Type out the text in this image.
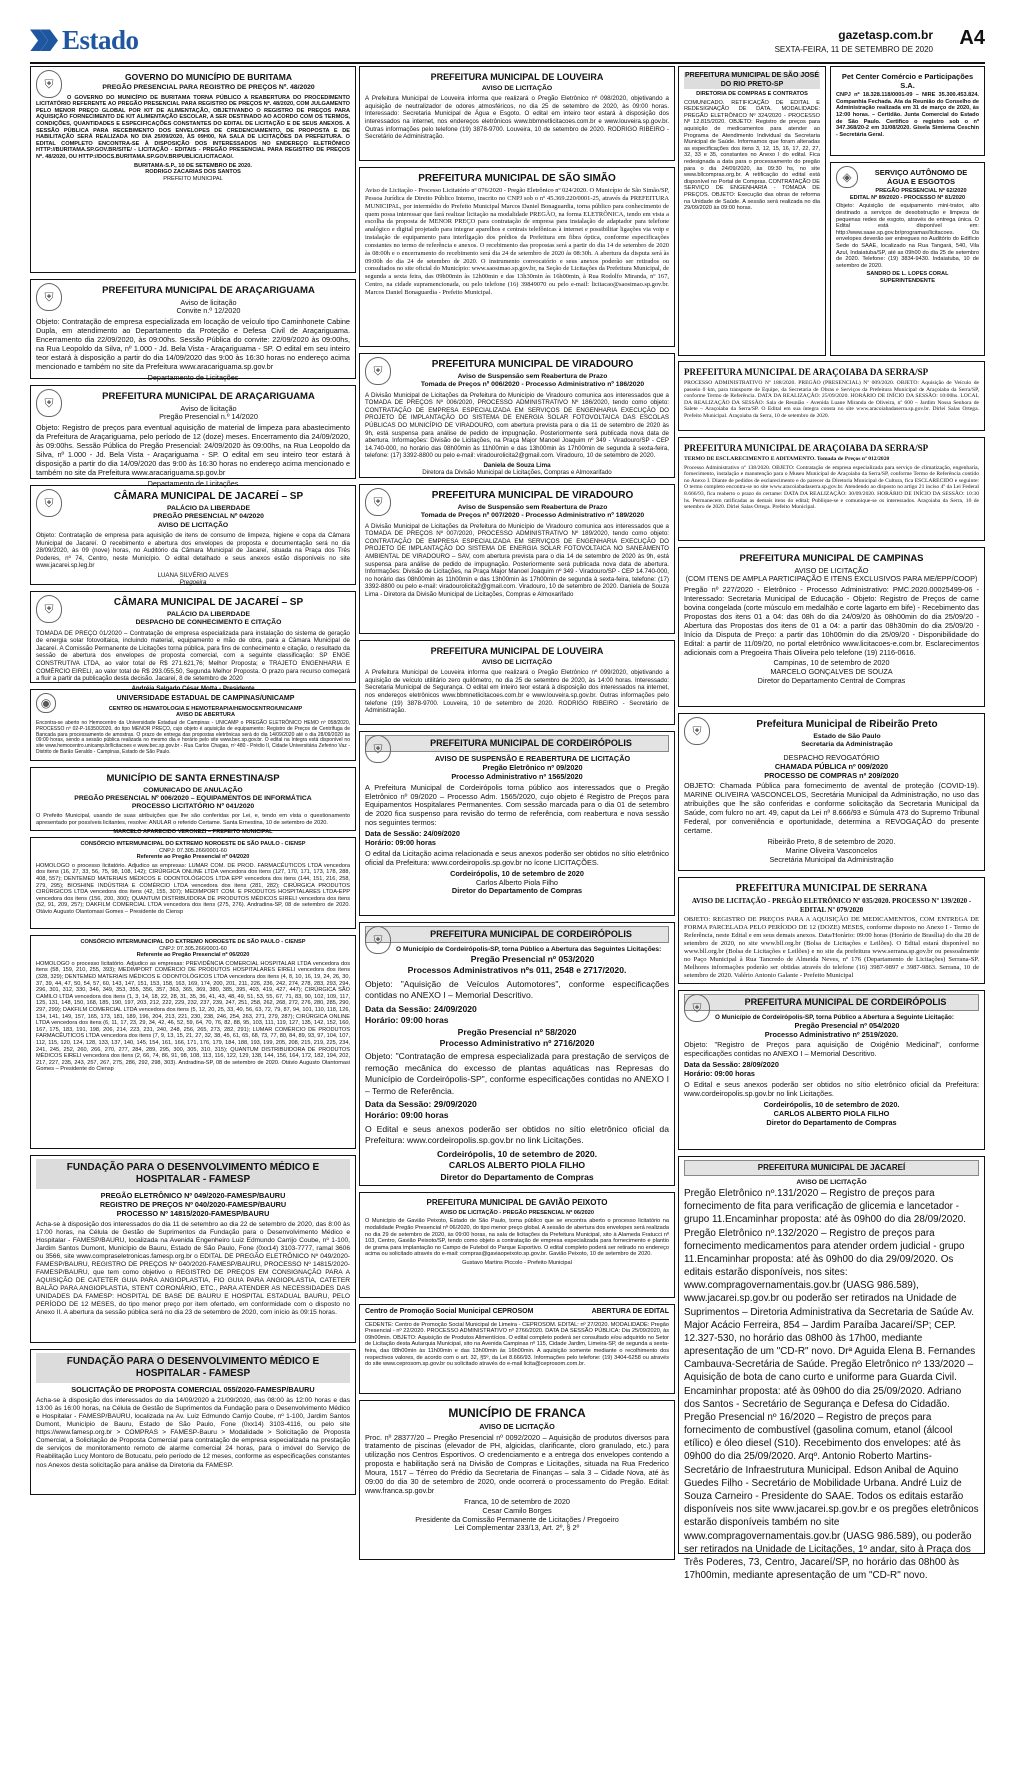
Estado	gazetasp.com.br
SEXTA-FEIRA, 11 DE SETEMBRO DE 2020
A4
⛨	GOVERNO DO MUNICÍPIO DE BURITAMA
PREGÃO PRESENCIAL PARA REGISTRO DE PREÇOS Nº. 48/2020
O GOVERNO DO MUNICÍPIO DE BURITAMA TORNA PÚBLICO A REABERTURA DO PROCEDIMENTO LICITATÓRIO REFERENTE AO PREGÃO PRESENCIAL PARA REGISTRO DE PREÇOS Nº. 48/2020, COM JULGAMENTO PELO MENOR PREÇO GLOBAL POR KIT DE ALIMENTAÇÃO, OBJETIVANDO O REGISTRO DE PREÇOS PARA AQUISIÇÃO FORNECIMENTO DE KIT ALIMENTAÇÃO ESCOLAR, A SER DESTINADO AO ACORDO COM OS TERMOS, CONDIÇÕES, QUANTIDADES E ESPECIFICAÇÕES CONSTANTES DO EDITAL DE LICITAÇÃO E DE SEUS ANEXOS. A SESSÃO PÚBLICA PARA RECEBIMENTO DOS ENVELOPES DE CREDENCIAMENTO, DE PROPOSTA E DE HABILITAÇÃO SERÁ REALIZADA NO DIA 25/09/2020, ÀS 09H00, NA SALA DE LICITAÇÕES DA PREFEITURA. O EDITAL COMPLETO ENCONTRA-SE À DISPOSIÇÃO DOS INTERESSADOS NO ENDEREÇO ELETRÔNICO HTTP://BURITAMA.SP.GOV.BR/SITE/ - LICITAÇÃO - EDITAIS - PREGÃO PRESENCIAL PARA REGISTRO DE PREÇOS Nº. 48/2020, OU HTTP://DOCS.BURITAMA.SP.GOV.BR/PUBLIC/LICITACAO/.
BURITAMA-S.P., 10 DE SETEMBRO DE 2020.
RODRIGO ZACARIAS DOS SANTOS
PREFEITO MUNICIPAL
⛨	PREFEITURA MUNICIPAL DE ARAÇARIGUAMA
Aviso de licitação
Convite n.º 12/2020
Objeto: Contratação de empresa especializada em locação de veículo tipo Caminhonete Cabine Dupla, em atendimento ao Departamento da Proteção e Defesa Civil de Araçariguama. Encerramento dia 22/09/2020, às 09:00hs. Sessão Pública do convite: 22/09/2020 às 09:00hs, na Rua Leopoldo da Silva, nº 1.000 - Jd. Bela Vista - Araçariguama - SP. O edital em seu inteiro teor estará à disposição a partir do dia 14/09/2020 das 9:00 às 16:30 horas no endereço acima mencionado e também no site da Prefeitura www.aracariguama.sp.gov.br
Departamento de Licitações
⛨	PREFEITURA MUNICIPAL DE ARAÇARIGUAMA
Aviso de licitação
Pregão Presencial n.º 14/2020
Objeto: Registro de preços para eventual aquisição de material de limpeza para abastecimento da Prefeitura de Araçariguama, pelo período de 12 (doze) meses. Encerramento dia 24/09/2020, às 09:00hs. Sessão Pública do Pregão Presencial: 24/09/2020 às 09:00hs, na Rua Leopoldo da Silva, nº 1.000 - Jd. Bela Vista - Araçariguama - SP. O edital em seu inteiro teor estará à disposição a partir do dia 14/09/2020 das 9:00 às 16:30 horas no endereço acima mencionado e também no site da Prefeitura www.aracariguama.sp.gov.br
Departamento de Licitações
⛨	CÂMARA MUNICIPAL DE JACAREÍ – SP
PALÁCIO DA LIBERDADE
PREGÃO PRESENCIAL Nº 04/2020
AVISO DE LICITAÇÃO
Objeto: Contratação de empresa para aquisição de itens de consumo de limpeza, higiene e copa da Câmara Municipal de Jacareí. O recebimento e abertura dos envelopes de proposta e documentação será no dia 28/09/2020, às 09 (nove) horas, no Auditório da Câmara Municipal de Jacareí, situada na Praça dos Três Poderes, nº 74, Centro, neste Município. O edital detalhado e seus anexos estão disponíveis no site www.jacarei.sp.leg.br
LUANA SILVÉRIO ALVES
Pregoeira
⛨	CÂMARA MUNICIPAL DE JACAREÍ – SP
PALÁCIO DA LIBERDADE
DESPACHO DE CONHECIMENTO E CITAÇÃO
TOMADA DE PREÇO 01/2020 – Contratação de empresa especializada para instalação do sistema de geração de energia solar fotovoltaica, incluindo material, equipamento e mão de obra, para a Câmara Municipal de Jacareí. A Comissão Permanente de Licitações torna pública, para fins de conhecimento e citação, o resultado da sessão de abertura dos envelopes de proposta comercial, com a seguinte classificação: SP ENGE CONSTRUTIVA LTDA, ao valor total de R$ 271.621,76; Melhor Proposta; e TRAJETO ENGENHARIA E COMÉRCIO EIRELI, ao valor total de R$ 293.055,50, Segunda Melhor Proposta. O prazo para recurso começará a fluir a partir da publicação desta decisão. Jacareí, 8 de setembro de 2020
Andréia Salgado César Motta - Presidente
◉	UNIVERSIDADE ESTADUAL DE CAMPINAS/UNICAMP
CENTRO DE HEMATOLOGIA E HEMOTERAPIA/HEMOCENTRO/UNICAMP
AVISO DE ABERTURA
Encontra-se aberto no Hemocentro da Universidade Estadual de Campinas - UNICAMP o PREGÃO ELETRÔNICO HEMO nº 058/2020, PROCESSO nº 02-P-16350/2020, do tipo MENOR PREÇO, cujo objeto é aquisição de equipamento: Registro de Preços de Centrífuga de Bancada para processamento de amostras. O prazo de entrega das propostas eletrônicas será do dia 14/09/2020 até o dia 28/09/2020 às 09:00 horas, sendo a sessão pública realizada no mesmo dia e horário pelo site www.bec.sp.gov.br. O edital na íntegra está disponível no site www.hemocentro.unicamp.br/licitacoes e www.bec.sp.gov.br - Rua Carlos Chagas, nº 480 - Prédio II, Cidade Universitária Zeferino Vaz - Distrito de Barão Geraldo - Campinas, Estado de São Paulo.
MUNICÍPIO DE SANTA ERNESTINA/SP
COMUNICADO DE ANULAÇÃO
PREGÃO PRESENCIAL Nº 006/2020 – EQUIPAMENTOS DE INFORMÁTICA
PROCESSO LICITATÓRIO Nº 041/2020
O Prefeito Municipal, usando de suas atribuições que lhe são conferidas por Lei, e, tendo em vista o questionamento apresentado por possíveis licitantes, resolve: ANULAR o referido Certame. Santa Ernestina, 10 de setembro de 2020.
MARCELO APARECIDO VERONEZI – PREFEITO MUNICIPAL
CONSÓRCIO INTERMUNICIPAL DO EXTREMO NOROESTE DE SÃO PAULO - CIENSP
CNPJ: 07.305.266/0001-60
Referente ao Pregão Presencial nº 04/2020
HOMOLOGO o processo licitatório. Adjudico as empresas: LUMAR COM. DE PROD. FARMACÊUTICOS LTDA vencedora dos itens (16, 27, 33, 56, 75, 98, 108, 142); CIRÚRGICA ONLINE LTDA vencedora dos itens (127, 170, 171, 173, 178, 288, 408, 557); DENTEMED MATERIAIS MÉDICOS E ODONTOLÓGICOS LTDA EPP vencedora dos itens (144, 151, 216, 258, 279, 295); BIOSHINE INDÚSTRIA E COMÉRCIO LTDA vencedora dos itens (281, 282); CIRÚRGICA PRODUTOS CIRÚRGICOS LTDA vencedora dos itens (42, 155, 307); MEDIMPORT COM. E PRODUTOS HOSPITALARES LTDA-EPP vencedora dos itens (156, 200, 300); QUANTUM DISTRIBUIDORA DE PRODUTOS MÉDICOS EIRELI vencedora dos itens (52, 91, 209, 257); DAKFILM COMERCIAL LTDA vencedora dos itens (275, 276). Andradina-SP, 08 de setembro de 2020. Otávio Augusto Olantomasi Gomes – Presidente do Ciensp
CONSÓRCIO INTERMUNICIPAL DO EXTREMO NOROESTE DE SÃO PAULO - CIENSP
CNPJ: 07.305.266/0001-60
Referente ao Pregão Presencial nº 06/2020
HOMOLOGO o processo licitatório. Adjudico as empresas: PREVIDÊNCIA COMERCIAL HOSPITALAR LTDA vencedora dos itens (58, 159, 210, 255, 393); MEDIMPORT COMÉRCIO DE PRODUTOS HOSPITALARES EIRELI vencedora dos itens (328, 329); DENTEMED MATERIAIS MÉDICOS E ODONTOLÓGICOS LTDA vencedora dos itens (4, 8, 10, 16, 19, 24, 26, 30, 37, 39, 44, 47, 50, 54, 57, 60, 143, 147, 151, 153, 158, 163, 169, 174, 200, 201, 211, 226, 236, 242, 274, 278, 283, 293, 294, 296, 301, 312, 330, 346, 349, 353, 355, 356, 357, 363, 365, 369, 380, 385, 395, 403, 419, 427, 447); CIRÚRGICA SÃO CAMILO LTDA vencedora dos itens (1, 3, 14, 18, 22, 28, 31, 35, 36, 41, 43, 48, 49, 51, 53, 55, 67, 71, 83, 90, 102, 109, 117, 125, 131, 148, 150, 168, 185, 190, 197, 203, 212, 222, 229, 232, 237, 239, 247, 251, 258, 262, 268, 272, 276, 280, 285, 290, 297, 299); DAKFILM COMERCIAL LTDA vencedora dos itens (5, 12, 20, 25, 33, 40, 56, 63, 72, 79, 87, 94, 101, 110, 118, 126, 134, 141, 149, 157, 165, 173, 181, 189, 196, 204, 213, 221, 230, 238, 246, 254, 263, 271, 279, 287); CIRÚRGICA ONLINE LTDA vencedora dos itens (6, 11, 17, 23, 29, 34, 42, 46, 52, 59, 64, 70, 76, 82, 88, 95, 103, 111, 119, 127, 135, 142, 152, 160, 167, 175, 183, 191, 198, 206, 214, 223, 231, 240, 248, 256, 265, 273, 282, 291); LUMAR COMÉRCIO DE PRODUTOS FARMACÊUTICOS LTDA vencedora dos itens (7, 9, 13, 15, 21, 27, 32, 38, 45, 61, 65, 68, 73, 77, 80, 84, 89, 93, 97, 104, 107, 112, 115, 120, 124, 128, 133, 137, 140, 145, 154, 161, 166, 171, 176, 179, 184, 188, 193, 199, 205, 208, 215, 219, 225, 234, 241, 245, 252, 260, 266, 270, 277, 284, 289, 295, 300, 305, 310, 315); QUANTUM DISTRIBUIDORA DE PRODUTOS MÉDICOS EIRELI vencedora dos itens (2, 66, 74, 86, 91, 98, 108, 113, 116, 122, 129, 138, 144, 156, 164, 172, 182, 194, 202, 217, 227, 235, 243, 257, 267, 275, 286, 292, 298, 303). Andradina-SP, 08 de setembro de 2020. Otávio Augusto Olantomasi Gomes – Presidente do Ciensp
FUNDAÇÃO PARA O DESENVOLVIMENTO MÉDICO E HOSPITALAR - FAMESP
PREGÃO ELETRÔNICO Nº 049/2020-FAMESP/BAURU
REGISTRO DE PREÇOS Nº 040/2020-FAMESP/BAURU
PROCESSO Nº 14815/2020-FAMESP/BAURU
Acha-se à disposição dos interessados do dia 11 de setembro ao dia 22 de setembro de 2020, das 8:00 às 17:00 horas, na Célula de Gestão de Suprimentos da Fundação para o Desenvolvimento Médico e Hospitalar - FAMESP/BAURU, localizada na Avenida Engenheiro Luiz Edmundo Carrijo Coube, nº 1-100, Jardim Santos Dumont, Município de Bauru, Estado de São Paulo, Fone (0xx14) 3103-7777, ramal 3606 ou 3566, site www.compraseletronicas.famesp.org.br o EDITAL DE PREGÃO ELETRÔNICO Nº 049/2020-FAMESP/BAURU, REGISTRO DE PREÇOS Nº 040/2020-FAMESP/BAURU, PROCESSO Nº 14815/2020-FAMESP/BAURU, que tem como objetivo o REGISTRO DE PREÇOS EM CONSIGNAÇÃO PARA A AQUISIÇÃO DE CATETER GUIA PARA ANGIOPLASTIA, FIO GUIA PARA ANGIOPLASTIA, CATETER BALÃO PARA ANGIOPLASTIA, STENT CORONÁRIO, ETC., PARA ATENDER AS NECESSIDADES DAS UNIDADES DA FAMESP: HOSPITAL DE BASE DE BAURU E HOSPITAL ESTADUAL BAURU, PELO PERÍODO DE 12 MESES, do tipo menor preço por item ofertado, em conformidade com o disposto no Anexo II. A abertura da sessão pública será no dia 23 de setembro de 2020, com início às 09:15 horas.
FUNDAÇÃO PARA O DESENVOLVIMENTO MÉDICO E HOSPITALAR - FAMESP
SOLICITAÇÃO DE PROPOSTA COMERCIAL 055/2020-FAMESP/BAURU
Acha-se à disposição dos interessados do dia 14/09/2020 a 21/09/2020, das 08:00 às 12:00 horas e das 13:00 às 16:00 horas, na Célula de Gestão de Suprimentos da Fundação para o Desenvolvimento Médico e Hospitalar - FAMESP/BAURU, localizada na Av. Luiz Edmundo Carrijo Coube, nº 1-100, Jardim Santos Dumont, Município de Bauru, Estado de São Paulo, Fone (0xx14) 3103-4116, ou pelo site https://www.famesp.org.br > COMPRAS > FAMESP-Bauru > Modalidade > Solicitação de Proposta Comercial, a Solicitação de Proposta Comercial para contratação de empresa especializada na prestação de serviços de monitoramento remoto de alarme comercial 24 horas, para o imóvel do Serviço de Reabilitação Lucy Montoro de Botucatu, pelo período de 12 meses, conforme as especificações constantes nos Anexos desta solicitação para análise da Diretoria da FAMESP.
PREFEITURA MUNICIPAL DE LOUVEIRA
AVISO DE LICITAÇÃO
A Prefeitura Municipal de Louveira informa que realizará o Pregão Eletrônico nº 098/2020, objetivando a aquisição de neutralizador de odores atmosféricos, no dia 25 de setembro de 2020, às 09:00 horas. Interessado: Secretaria Municipal de Água e Esgoto. O edital em inteiro teor estará à disposição dos interessados na internet, nos endereços eletrônicos www.bbmnetlicitacoes.com.br e www.louveira.sp.gov.br. Outras informações pelo telefone (19) 3878-9700. Louveira, 10 de setembro de 2020. RODRIGO RIBEIRO - Secretário de Administração.
PREFEITURA MUNICIPAL DE SÃO SIMÃO
Aviso de Licitação - Processo Licitatório nº 076/2020 - Pregão Eletrônico nº 024/2020. O Município de São Simão/SP, Pessoa Jurídica de Direito Público Interno, inscrito no CNPJ sob o nº 45.369.220/0001-25, através da PREFEITURA MUNICIPAL, por intermédio do Prefeito Municipal Marcos Daniel Bonaguardia, torna público para conhecimento de quem possa interessar que fará realizar licitação na modalidade PREGÃO, na forma ELETRÔNICA, tendo em vista a escolha da proposta de MENOR PREÇO para contratação de empresa para instalação de adaptador para telefone analógico e digital projetado para integrar aparelhos e centrais telefônicas à internet e possibilitar ligações via voip e instalação de equipamento para interligação dos prédios da Prefeitura em fibra óptica, conforme especificações constantes no termo de referência e anexos. O recebimento das propostas será a partir do dia 14 de setembro de 2020 às 08:00h e o encerramento do recebimento será dia 24 de setembro de 2020 às 08:30h. A abertura da disputa será às 09:00h do dia 24 de setembro de 2020. O instrumento convocatório e seus anexos poderão ser retirados ou consultados no site oficial do Município: www.saosimao.sp.gov.br, na Seção de Licitações da Prefeitura Municipal, de segunda a sexta feira, das 09h00min às 12h00min e das 13h30min às 16h00min, à Rua Rodolfo Miranda, nº 167, Centro, na cidade supramencionada, ou pelo telefone (16) 39849070 ou pelo e-mail: licitacao@saosimao.sp.gov.br. Marcos Daniel Bonaguardia - Prefeito Municipal.
⛨	PREFEITURA MUNICIPAL DE VIRADOURO
Aviso de Suspensão sem Reabertura de Prazo
Tomada de Preços nº 006/2020 - Processo Administrativo nº 186/2020
A Divisão Municipal de Licitações da Prefeitura do Município de Viradouro comunica aos interessados que a TOMADA DE PREÇOS Nº 006/2020, PROCESSO ADMINISTRATIVO Nº 186/2020, tendo como objeto: CONTRATAÇÃO DE EMPRESA ESPECIALIZADA EM SERVIÇOS DE ENGENHARIA EXECUÇÃO DO PROJETO DE IMPLANTAÇÃO DO SISTEMA DE ENERGIA SOLAR FOTOVOLTAICA DAS ESCOLAS PÚBLICAS DO MUNICÍPIO DE VIRADOURO, com abertura prevista para o dia 11 de setembro de 2020 às 9h, está suspensa para análise de pedido de impugnação. Posteriormente será publicada nova data de abertura. Informações: Divisão de Licitações, na Praça Major Manoel Joaquim nº 349 - Viradouro/SP - CEP 14.740-000, no horário das 08h00min às 11h00min e das 13h00min às 17h00min de segunda à sexta-feira, telefone: (17) 3392-8800 ou pelo e-mail: viradourolicita2@gmail.com. Viradouro, 10 de setembro de 2020.
Daniela de Souza Lima
Diretora da Divisão Municipal de Licitações, Compras e Almoxarifado
⛨	PREFEITURA MUNICIPAL DE VIRADOURO
Aviso de Suspensão sem Reabertura de Prazo
Tomada de Preços nº 007/2020 - Processo Administrativo nº 189/2020
A Divisão Municipal de Licitações da Prefeitura do Município de Viradouro comunica aos interessados que a TOMADA DE PREÇOS Nº 007/2020, PROCESSO ADMINISTRATIVO Nº 189/2020, tendo como objeto: CONTRATAÇÃO DE EMPRESA ESPECIALIZADA EM SERVIÇOS DE ENGENHARIA EXECUÇÃO DO PROJETO DE IMPLANTAÇÃO DO SISTEMA DE ENERGIA SOLAR FOTOVOLTAICA NO SANEAMENTO AMBIENTAL DE VIRADOURO – SAV, com abertura prevista para o dia 14 de setembro de 2020 às 9h, está suspensa para análise de pedido de impugnação. Posteriormente será publicada nova data de abertura. Informações: Divisão de Licitações, na Praça Major Manoel Joaquim nº 349 - Viradouro/SP - CEP 14.740-000, no horário das 08h00min às 11h00min e das 13h00min às 17h00min de segunda à sexta-feira, telefone: (17) 3392-8800 ou pelo e-mail: viradourolicita2@gmail.com. Viradouro, 10 de setembro de 2020. Daniela de Souza Lima - Diretora da Divisão Municipal de Licitações, Compras e Almoxarifado
PREFEITURA MUNICIPAL DE LOUVEIRA
AVISO DE LICITAÇÃO
A Prefeitura Municipal de Louveira informa que realizará o Pregão Eletrônico nº 099/2020, objetivando a aquisição de veículo utilitário zero quilômetro, no dia 25 de setembro de 2020, às 14:00 horas. Interessado: Secretaria Municipal de Segurança. O edital em inteiro teor estará à disposição dos interessados na internet, nos endereços eletrônicos www.bbmnetlicitacoes.com.br e www.louveira.sp.gov.br. Outras informações pelo telefone (19) 3878-9700. Louveira, 10 de setembro de 2020. RODRIGO RIBEIRO - Secretário de Administração.
⛨	PREFEITURA MUNICIPAL DE CORDEIRÓPOLIS
AVISO DE SUSPENSÃO E REABERTURA DE LICITAÇÃO
Pregão Eletrônico nº 09/2020
Processo Administrativo nº 1565/2020
A Prefeitura Municipal de Cordeirópolis torna público aos interessados que o Pregão Eletrônico nº 09/2020 – Processo Adm. 1565/2020, cujo objeto é Registro de Preços para Equipamentos Hospitalares Permanentes. Com sessão marcada para o dia 01 de setembro de 2020 fica suspenso para revisão do termo de referência, com reabertura e nova sessão nos seguintes termos:
Data de Sessão: 24/09/2020
Horário: 09:00 horas
O edital da Licitação acima relacionada e seus anexos poderão ser obtidos no sítio eletrônico oficial da Prefeitura: www.cordeiropolis.sp.gov.br no ícone LICITAÇÕES.
Cordeirópolis, 10 de setembro de 2020
Carlos Alberto Piola Filho
Diretor do Departamento de Compras
⛨	PREFEITURA MUNICIPAL DE CORDEIRÓPOLIS
O Município de Cordeirópolis-SP, torna Público a Abertura das Seguintes Licitações:
Pregão Presencial nº 053/2020
Processos Administrativos nºs 011, 2548 e 2717/2020.
Objeto: "Aquisição de Veículos Automotores", conforme especificações contidas no ANEXO I – Memorial Descritivo.
Data da Sessão: 24/09/2020
Horário: 09:00 horas
Pregão Presencial nº 58/2020
Processo Administrativo nº 2716/2020
Objeto: "Contratação de empresa especializada para prestação de serviços de remoção mecânica do excesso de plantas aquáticas nas Represas do Município de Cordeirópolis-SP", conforme especificações contidas no ANEXO I – Termo de Referência.
Data da Sessão: 29/09/2020
Horário: 09:00 horas
O Edital e seus anexos poderão ser obtidos no sítio eletrônico oficial da Prefeitura: www.cordeiropolis.sp.gov.br no link Licitações.
Cordeirópolis, 10 de setembro de 2020.
CARLOS ALBERTO PIOLA FILHO
Diretor do Departamento de Compras
PREFEITURA MUNICIPAL DE GAVIÃO PEIXOTO
AVISO DE LICITAÇÃO - PREGÃO PRESENCIAL Nº 06/2020
O Município de Gavião Peixoto, Estado de São Paulo, torna público que se encontra aberto o processo licitatório na modalidade Pregão Presencial nº 06/2020, do tipo menor preço global. A sessão de abertura dos envelopes será realizada no dia 29 de setembro de 2020, às 09:00 horas, na sala de licitações da Prefeitura Municipal, sito à Alameda Fratucci nº 103, Centro, Gavião Peixoto/SP, tendo como objeto a contratação de empresa especializada para fornecimento e plantio de grama para implantação no Campo de Futebol do Parque Esportivo. O edital completo poderá ser retirado no endereço acima ou solicitado através do e-mail: compras@gaviaopeixoto.sp.gov.br. Gavião Peixoto, 10 de setembro de 2020.
Gustavo Martins Piccolo - Prefeito Municipal
Centro de Promoção Social Municipal CEPROSOM	ABERTURA DE EDITAL
CEDENTE: Centro de Promoção Social Municipal de Limeira - CEPROSOM. EDITAL: nº 27/2020. MODALIDADE: Pregão Presencial - nº 22/2020. PROCESSO ADMINISTRATIVO nº 2766/2020. DATA DA SESSÃO PÚBLICA: Dia 25/09/2020, às 09h00min. OBJETO: Aquisição de Produtos Alimentícios. O edital completo poderá ser consultado e/ou adquirido no Setor de Licitação desta Autarquia Municipal, sito na Avenida Campinas nº 115, Cidade Jardim, Limeira-SP, de segunda a sexta-feira, das 08h00min às 11h00min e das 13h00min às 16h00min. A aquisição somente mediante o recolhimento dos respectivos valores, de acordo com o art. 32, §5º, da Lei 8.666/93. Informações pelo telefone: (19) 3404-6258 ou através do site www.ceprosom.sp.gov.br ou solicitado através do e-mail licita@ceprosom.com.br.
MUNICÍPIO DE FRANCA
AVISO DE LICITAÇÃO
Proc. nº 28377/20 – Pregão Presencial nº 0092/2020 – Aquisição de produtos diversos para tratamento de piscinas (elevador de PH, algicidas, clarificante, cloro granulado, etc.) para utilização nos Centros Esportivos. O credenciamento e a entrega dos envelopes contendo a proposta e habilitação será na Divisão de Compras e Licitações, situada na Rua Frederico Moura, 1517 – Térreo do Prédio da Secretaria de Finanças – sala 3 – Cidade Nova, até às 09:00 do dia 30 de setembro de 2020, onde ocorrerá o processamento do Pregão. Edital: www.franca.sp.gov.br
Franca, 10 de setembro de 2020
Cesar Camilo Borges
Presidente da Comissão Permanente de Licitações / Pregoeiro
Lei Complementar 233/13, Art. 2º, § 2º
PREFEITURA MUNICIPAL DE SÃO JOSÉ DO RIO PRETO-SP
DIRETORIA DE COMPRAS E CONTRATOS
COMUNICADO. RETIFICAÇÃO DE EDITAL E REDESIGNAÇÃO DE DATA. MODALIDADE: PREGÃO ELETRÔNICO Nº 324/2020 - PROCESSO Nº 12.815/2020. OBJETO: Registro de preços para aquisição de medicamentos para atender ao Programa de Atendimento Individual da Secretaria Municipal de Saúde. Informamos que foram alteradas as especificações dos itens 3, 12, 15, 16, 17, 22, 27, 32, 33 e 35, constantes no Anexo I do edital. Fica redesignada a data para o processamento do pregão para o dia 24/09/2020, às 09:30 hs, no site www.bllcompras.org.br. A retificação do edital está disponível no Portal de Compras. CONTRATAÇÃO DE SERVIÇO DE ENGENHARIA - TOMADA DE PREÇOS. OBJETO: Execução das obras de reforma na Unidade de Saúde. A sessão será realizada no dia 29/09/2020 às 09:00 horas.
Pet Center Comércio e Participações S.A.
CNPJ nº 18.328.118/0001-09 – NIRE 35.300.453.824. Companhia Fechada. Ata da Reunião do Conselho de Administração realizada em 31 de março de 2020, às 12:00 horas. – Certidão. Junta Comercial do Estado de São Paulo. Certifico o registro sob o nº 347.368/20-2 em 31/08/2020. Gisela Simiema Ceschin - Secretária Geral.
◈	SERVIÇO AUTÔNOMO DE ÁGUA E ESGOTOS
PREGÃO PRESENCIAL Nº 62/2020
EDITAL Nº 89/2020 - PROCESSO Nº 81/2020
Objeto: Aquisição de equipamento mini-trator, alto destinado a serviços de desobstrução e limpeza de pequenas redes de esgoto, através de entrega única. O Edital está disponível em: http://www.saae.sp.gov.br/programas/licitacoes. Os envelopes deverão ser entregues no Auditório do Edifício Sede do SAAE, localizado na Rua Tangará, 540, Vila Azul, Indaiatuba/SP, até as 09h00 do dia 25 de setembro de 2020. Telefone: (19) 3834-9430. Indaiatuba, 10 de setembro de 2020.
SANDRO DE L. LOPES CORAL
SUPERINTENDENTE
PREFEITURA MUNICIPAL DE ARAÇOIABA DA SERRA/SP
PROCESSO ADMINISTRATIVO Nº 188/2020. PREGÃO (PRESENCIAL) Nº 009/2020. OBJETO: Aquisição de Veículo de passeio 0 km, para transporte de Equipe, da Secretaria de Obras e Serviços da Prefeitura Municipal de Araçoiaba da Serra/SP, conforme Termo de Referência. DATA DA REALIZAÇÃO: 25/09/2020. HORÁRIO DE INÍCIO DA SESSÃO: 10:00hs. LOCAL DA REALIZAÇÃO DA SESSÃO: Sala de Reunião - Avenida Luane Miranda de Oliveira, nº 600 – Jardim Nossa Senhora de Salete – Araçoiaba da Serra/SP. O Edital em sua íntegra consta no site www.aracoiabadaserra.sp.gov.br. Dirlei Salas Ortega. Prefeito Municipal. Araçoiaba da Serra, 10 de setembro de 2020.
PREFEITURA MUNICIPAL DE ARAÇOIABA DA SERRA/SP
TERMO DE ESCLARECIMENTO E ADITAMENTO. Tomada de Preços nº 012/2020
Processo Administrativo nº 138/2020. OBJETO: Contratação de empresa especializada para serviço de climatização, engenharia, fornecimento, instalação e manutenção para o Museu Municipal de Araçoiaba da Serra/SP, conforme Termo de Referência contido no Anexo I. Diante de pedidos de esclarecimento e do parecer da Diretoria Municipal de Cultura, fica ESCLARECIDO e seguinte: O termo completo encontra-se no site www.aracoiabadaserra.sp.gov.br. Atendendo ao disposto no artigo 21 inciso 4º da Lei Federal 8.666/93, fica reaberto o prazo do certame: DATA DA REALIZAÇÃO: 30/09/2020. HORÁRIO DE INÍCIO DA SESSÃO: 10:30 hs. Permanecem ratificadas as demais itens do edital; Publique-se e comunique-se os interessados. Araçoiaba da Serra, 10 de setembro de 2020. Dirlei Salas Ortega. Prefeito Municipal.
PREFEITURA MUNICIPAL DE CAMPINAS
AVISO DE LICITAÇÃO
(COM ITENS DE AMPLA PARTICIPAÇÃO E ITENS EXCLUSIVOS PARA ME/EPP/COOP)
Pregão nº 227/2020 - Eletrônico - Processo Administrativo: PMC.2020.00025499-06 - Interessado: Secretaria Municipal de Educação - Objeto: Registro de Preços de carne bovina congelada (corte músculo em medalhão e corte lagarto em bife) - Recebimento das Propostas dos itens 01 a 04: das 08h do dia 24/09/20 às 08h00min do dia 25/09/20 - Abertura das Propostas dos itens de 01 a 04: a partir das 08h30min do dia 25/09/20 - Início da Disputa de Preço: a partir das 10h00min do dia 25/09/20 - Disponibilidade do Edital: a partir de 11/09/20, no portal eletrônico www.licitacoes-e.com.br. Esclarecimentos adicionais com a Pregoeira Thais Oliveira pelo telefone (19) 2116-0616.
Campinas, 10 de setembro de 2020
MARCELO GONÇALVES DE SOUZA
Diretor do Departamento Central de Compras
⛨	Prefeitura Municipal de Ribeirão Preto
Estado de São Paulo
Secretaria da Administração
DESPACHO REVOGATÓRIO
CHAMADA PÚBLICA nº 009/2020
PROCESSO DE COMPRAS nº 209/2020
OBJETO: Chamada Pública para fornecimento de avental de proteção (COVID-19). MARINE OLIVEIRA VASCONCELOS, Secretária Municipal da Administração, no uso das atribuições que lhe são conferidas e conforme solicitação da Secretaria Municipal da Saúde, com fulcro no art. 49, caput da Lei nº 8.666/93 e Súmula 473 do Supremo Tribunal Federal, por conveniência e oportunidade, determina a REVOGAÇÃO do presente certame.
Ribeirão Preto, 8 de setembro de 2020.
Marine Oliveira Vasconcelos
Secretária Municipal da Administração
PREFEITURA MUNICIPAL DE SERRANA
AVISO DE LICITAÇÃO - PREGÃO ELETRÔNICO Nº 035/2020. PROCESSO Nº 139/2020 - EDITAL Nº 079/2020
OBJETO: REGISTRO DE PREÇOS PARA A AQUISIÇÃO DE MEDICAMENTOS, COM ENTREGA DE FORMA PARCELADA PELO PERÍODO DE 12 (DOZE) MESES, conforme disposto no Anexo I - Termo de Referência, neste Edital e em seus demais anexos. Data/Horário: 09:00 horas (Horário de Brasília) do dia 28 de setembro de 2020, no site www.bll.org.br (Bolsa de Licitações e Leilões). O Edital estará disponível no www.bll.org.br (Bolsa de Licitações e Leilões) e no site da prefeitura www.serrana.sp.gov.br ou pessoalmente no Paço Municipal à Rua Tancredo de Almeida Neves, nº 176 (Departamento de Licitações) Serrana-SP. Melhores informações poderão ser obtidas através do telefone (16) 3987-9897 e 3987-9863. Serrana, 10 de setembro de 2020. Valério Antonio Galante - Prefeito Municipal
⛨	PREFEITURA MUNICIPAL DE CORDEIRÓPOLIS
O Município de Cordeirópolis-SP, torna Público a Abertura a Seguinte Licitação:
Pregão Presencial nº 054/2020
Processo Administrativo nº 2519/2020.
Objeto: "Registro de Preços para aquisição de Oxigênio Medicinal", conforme especificações contidas no ANEXO I – Memorial Descritivo.
Data da Sessão: 28/09/2020
Horário: 09:00 horas
O Edital e seus anexos poderão ser obtidos no sítio eletrônico oficial da Prefeitura: www.cordeiropolis.sp.gov.br no link Licitações.
Cordeirópolis, 10 de setembro de 2020.
CARLOS ALBERTO PIOLA FILHO
Diretor do Departamento de Compras
PREFEITURA MUNICIPAL DE JACAREÍ
AVISO DE LICITAÇÃO
Pregão Eletrônico nº.131/2020 – Registro de preços para fornecimento de fita para verificação de glicemia e lancetador - grupo 11.Encaminhar proposta: até às 09h00 do dia 28/09/2020. Pregão Eletrônico nº.132/2020 – Registro de preços para fornecimento medicamentos para atender ordem judicial - grupo 11.Encaminhar proposta: até às 09h00 do dia 29/09/2020. Os editais estarão disponíveis, nos sites: www.compragovernamentais.gov.br (UASG 986.589), www.jacarei.sp.gov.br ou poderão ser retirados na Unidade de Suprimentos – Diretoria Administrativa da Secretaria de Saúde Av. Major Acácio Ferreira, 854 – Jardim Paraíba Jacareí/SP; CEP. 12.327-530, no horário das 08h00 às 17h00, mediante apresentação de um "CD-R" novo. Drª Aguida Elena B. Fernandes Cambauva-Secretária de Saúde. Pregão Eletrônico nº 133/2020 – Aquisição de bota de cano curto e uniforme para Guarda Civil. Encaminhar proposta: até às 09h00 do dia 25/09/2020. Adriano dos Santos - Secretário de Segurança e Defesa do Cidadão. Pregão Presencial nº 16/2020 – Registro de preços para fornecimento de combustível (gasolina comum, etanol (álcool etílico) e óleo diesel (S10). Recebimento dos envelopes: até às 09h00 do dia 25/09/2020. Arqº. Antonio Roberto Martins- Secretário de Infraestrutura Municipal. Edson Anibal de Aquino Guedes Filho - Secretário de Mobilidade Urbana. André Luiz de Souza Carneiro - Presidente do SAAE. Todos os editais estarão disponíveis nos site www.jacarei.sp.gov.br e os pregões eletrônicos estarão disponíveis também no site www.compragovernamentais.gov.br (UASG 986.589), ou poderão ser retirados na Unidade de Licitações, 1º andar, sito à Praça dos Três Poderes, 73, Centro, Jacareí/SP, no horário das 08h00 às 17h00min, mediante apresentação de um "CD-R" novo.
